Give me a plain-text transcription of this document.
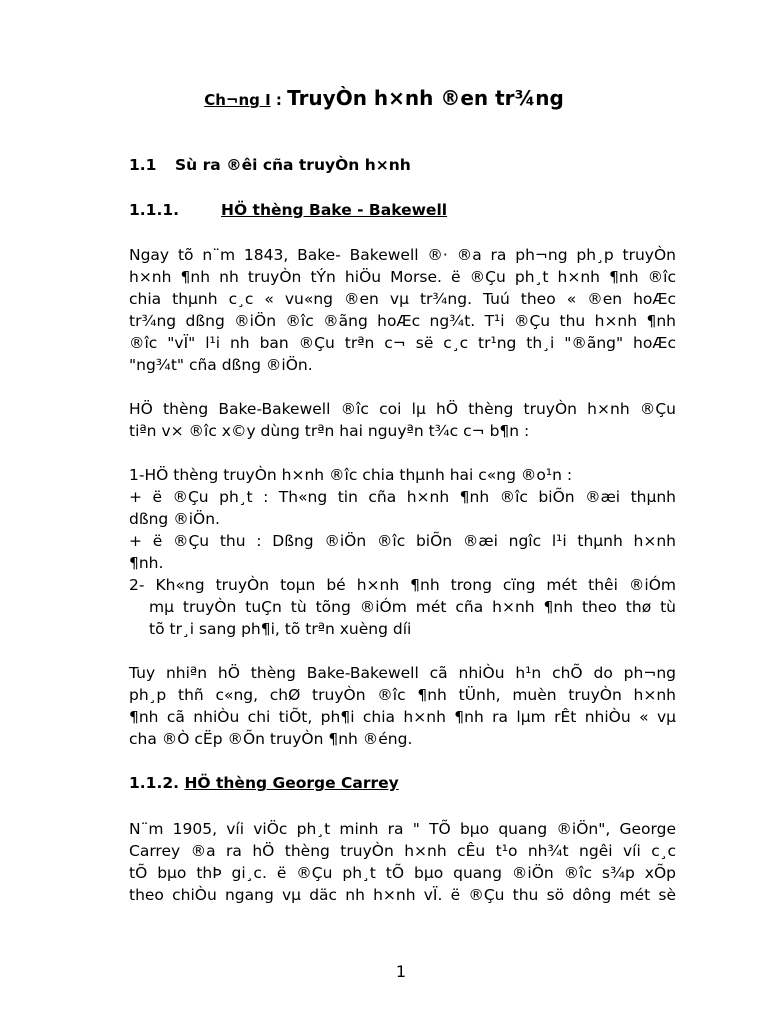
Ch¬ng I : TruyÒn h×nh ®en tr¾ng
1.1 Sù ra ®êi cña truyÒn h×nh
1.1.1.	HÖ thèng Bake - Bakewell
Ngay tõ n¨m 1843, Bake- Bakewell ®· ®a ra ph¬ng ph¸p truyÒn
h×nh ¶nh nh truyÒn tÝn hiÖu Morse. ë ®Çu ph¸t h×nh ¶nh ®îc
chia thµnh c¸c « vu«ng ®en vµ tr¾ng. Tuú theo « ®en hoÆc
tr¾ng dßng ®iÖn ®îc ®ãng hoÆc ng¾t. T¹i ®Çu thu h×nh ¶nh
®îc "vÏ" l¹i nh ban ®Çu trªn c¬ së c¸c tr¹ng th¸i "®ãng" hoÆc
"ng¾t" cña dßng ®iÖn.
HÖ thèng Bake-Bakewell ®îc coi lµ hÖ thèng truyÒn h×nh ®Çu
tiªn v× ®îc x©y dùng trªn hai nguyªn t¾c c¬ b¶n :
1-HÖ thèng truyÒn h×nh ®îc chia thµnh hai c«ng ®o¹n :
+ ë ®Çu ph¸t : Th«ng tin cña h×nh ¶nh ®îc biÕn ®æi thµnh
dßng ®iÖn.
+ ë ®Çu thu : Dßng ®iÖn ®îc biÕn ®æi ngîc l¹i thµnh h×nh
¶nh.
2- Kh«ng truyÒn toµn bé h×nh ¶nh trong cïng mét thêi ®iÓm
mµ truyÒn tuÇn tù tõng ®iÓm mét cña h×nh ¶nh theo thø tù
tõ tr¸i sang ph¶i, tõ trªn xuèng díi
Tuy nhiªn hÖ thèng Bake-Bakewell cã nhiÒu h¹n chÕ do ph¬ng
ph¸p thñ c«ng, chØ truyÒn ®îc ¶nh tÜnh, muèn truyÒn h×nh
¶nh cã nhiÒu chi tiÕt, ph¶i chia h×nh ¶nh ra lµm rÊt nhiÒu « vµ
cha ®Ò cËp ®Õn truyÒn ¶nh ®éng.
1.1.2. HÖ thèng George Carrey
N¨m 1905, víi viÖc ph¸t minh ra " TÕ bµo quang ®iÖn", George
Carrey ®a ra hÖ thèng truyÒn h×nh cÊu t¹o nh¾t ngêi víi c¸c
tÕ bµo thÞ gi¸c. ë ®Çu ph¸t tÕ bµo quang ®iÖn ®îc s¾p xÕp
theo chiÒu ngang vµ däc nh h×nh vÏ. ë ®Çu thu sö dông mét sè
1
